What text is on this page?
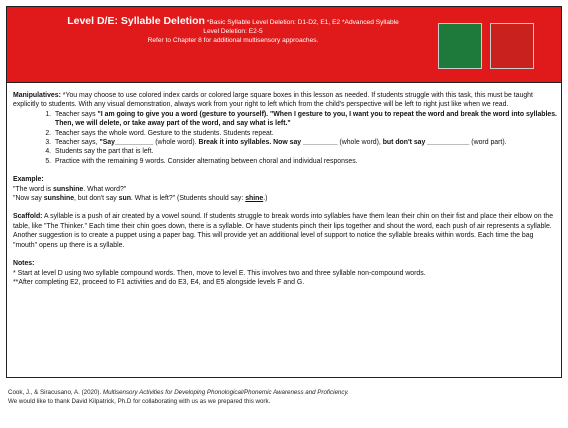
Level D/E: Syllable Deletion *Basic Syllable Level Deletion: D1-D2, E1, E2 *Advanced Syllable
Level Deletion: E2-5
Refer to Chapter 8 for additional multisensory approaches.

Manipulatives: *You may choose to use colored index cards or colored large square boxes in this lesson as needed. If students struggle with this task, this must be taught explicitly to students. With any visual demonstration, always work from your right to left which from the child's perspective will be left to right just like when we read.

1. Teacher says "I am going to give you a word (gesture to yourself). "When I gesture to you, I want you to repeat the word and break the word into syllables. Then, we will delete, or take away part of the word, and say what is left."
2. Teacher says the whole word. Gesture to the students. Students repeat.
3. Teacher says, "Say__________ (whole word). Break it into syllables. Now say _________ (whole word), but don't say ___________ (word part).
4. Students say the part that is left.
5. Practice with the remaining 9 words. Consider alternating between choral and individual responses.

Example:

"The word is sunshine. What word?"

"Now say sunshine, but don't say sun. What is left?" (Students should say: shine.)

Scaffold: A syllable is a push of air created by a vowel sound. If students struggle to break words into syllables have them lean their chin on their fist and place their elbow on the table, like "The Thinker." Each time their chin goes down, there is a syllable. Or have students pinch their lips together and shout the word, each push of air represents a syllable. Another suggestion is to create a puppet using a paper bag. This will provide yet an additional level of support to notice the syllable breaks within words. Each time the bag "mouth" opens up there is a syllable.

Notes:

* Start at level D using two syllable compound words. Then, move to level E. This involves two and three syllable non-compound words.

**After completing E2, proceed to F1 activities and do E3, E4, and E5 alongside levels F and G.

Cook, J., & Siracusano, A. (2020). Multisensory Activities for Developing Phonological/Phonemic Awareness and Proficiency.

We would like to thank David Kilpatrick, Ph.D for collaborating with us as we prepared this work.
